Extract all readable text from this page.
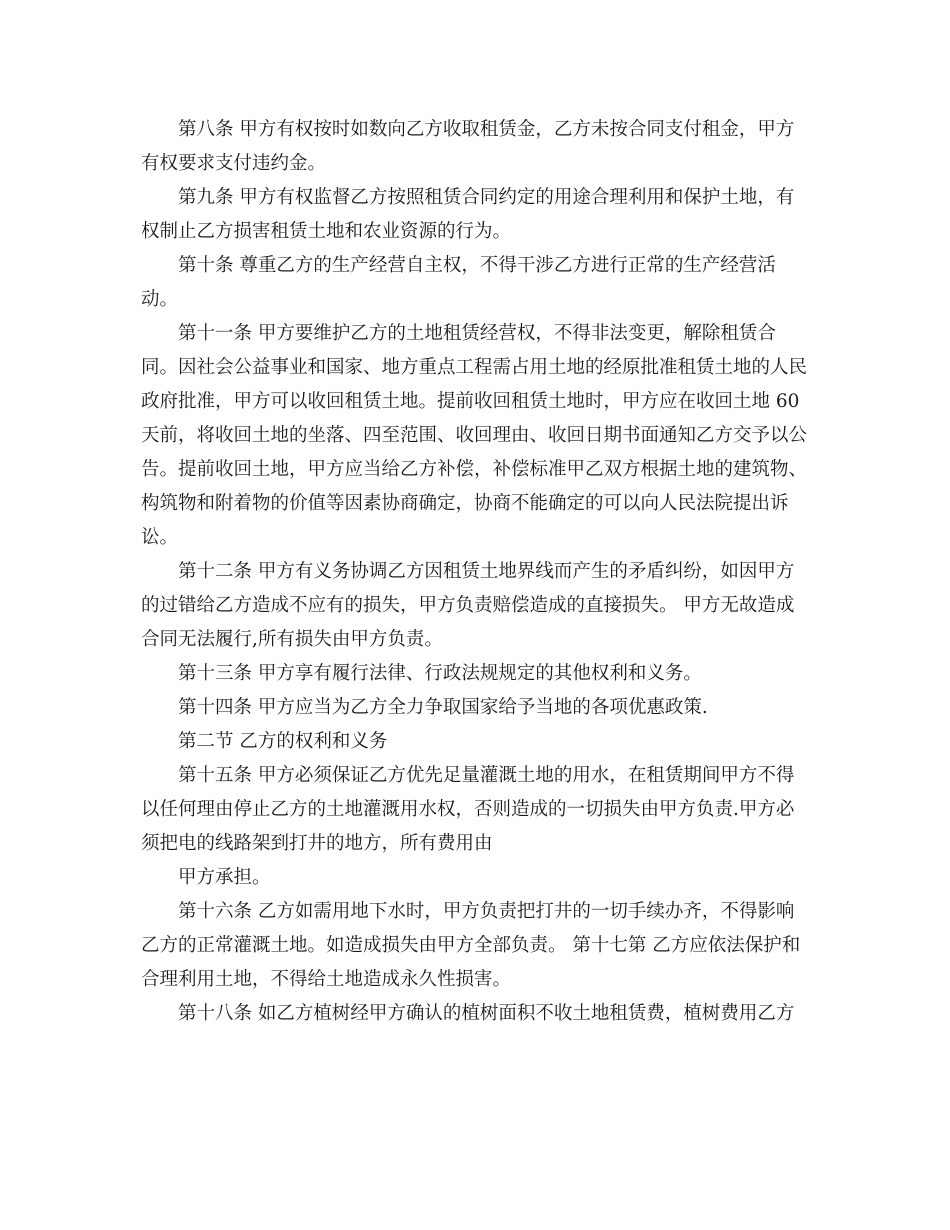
第八条 甲方有权按时如数向乙方收取租赁金，乙方未按合同支付租金，甲方
有权要求支付违约金。
第九条 甲方有权监督乙方按照租赁合同约定的用途合理利用和保护土地，有
权制止乙方损害租赁土地和农业资源的行为。
第十条 尊重乙方的生产经营自主权，不得干涉乙方进行正常的生产经营活
动。
第十一条 甲方要维护乙方的土地租赁经营权，不得非法变更，解除租赁合
同。因社会公益事业和国家、地方重点工程需占用土地的经原批准租赁土地的人民
政府批准，甲方可以收回租赁土地。提前收回租赁土地时，甲方应在收回土地 60
天前，将收回土地的坐落、四至范围、收回理由、收回日期书面通知乙方交予以公
告。提前收回土地，甲方应当给乙方补偿，补偿标准甲乙双方根据土地的建筑物、
构筑物和附着物的价值等因素协商确定，协商不能确定的可以向人民法院提出诉
讼。
第十二条 甲方有义务协调乙方因租赁土地界线而产生的矛盾纠纷，如因甲方
的过错给乙方造成不应有的损失，甲方负责赔偿造成的直接损失。 甲方无故造成
合同无法履行,所有损失由甲方负责。
第十三条 甲方享有履行法律、行政法规规定的其他权利和义务。
第十四条 甲方应当为乙方全力争取国家给予当地的各项优惠政策.
第二节 乙方的权利和义务
第十五条 甲方必须保证乙方优先足量灌溉土地的用水，在租赁期间甲方不得
以任何理由停止乙方的土地灌溉用水权，否则造成的一切损失由甲方负责.甲方必
须把电的线路架到打井的地方，所有费用由
甲方承担。
第十六条 乙方如需用地下水时，甲方负责把打井的一切手续办齐，不得影响
乙方的正常灌溉土地。如造成损失由甲方全部负责。 第十七第 乙方应依法保护和
合理利用土地，不得给土地造成永久性损害。
第十八条 如乙方植树经甲方确认的植树面积不收土地租赁费，植树费用乙方
